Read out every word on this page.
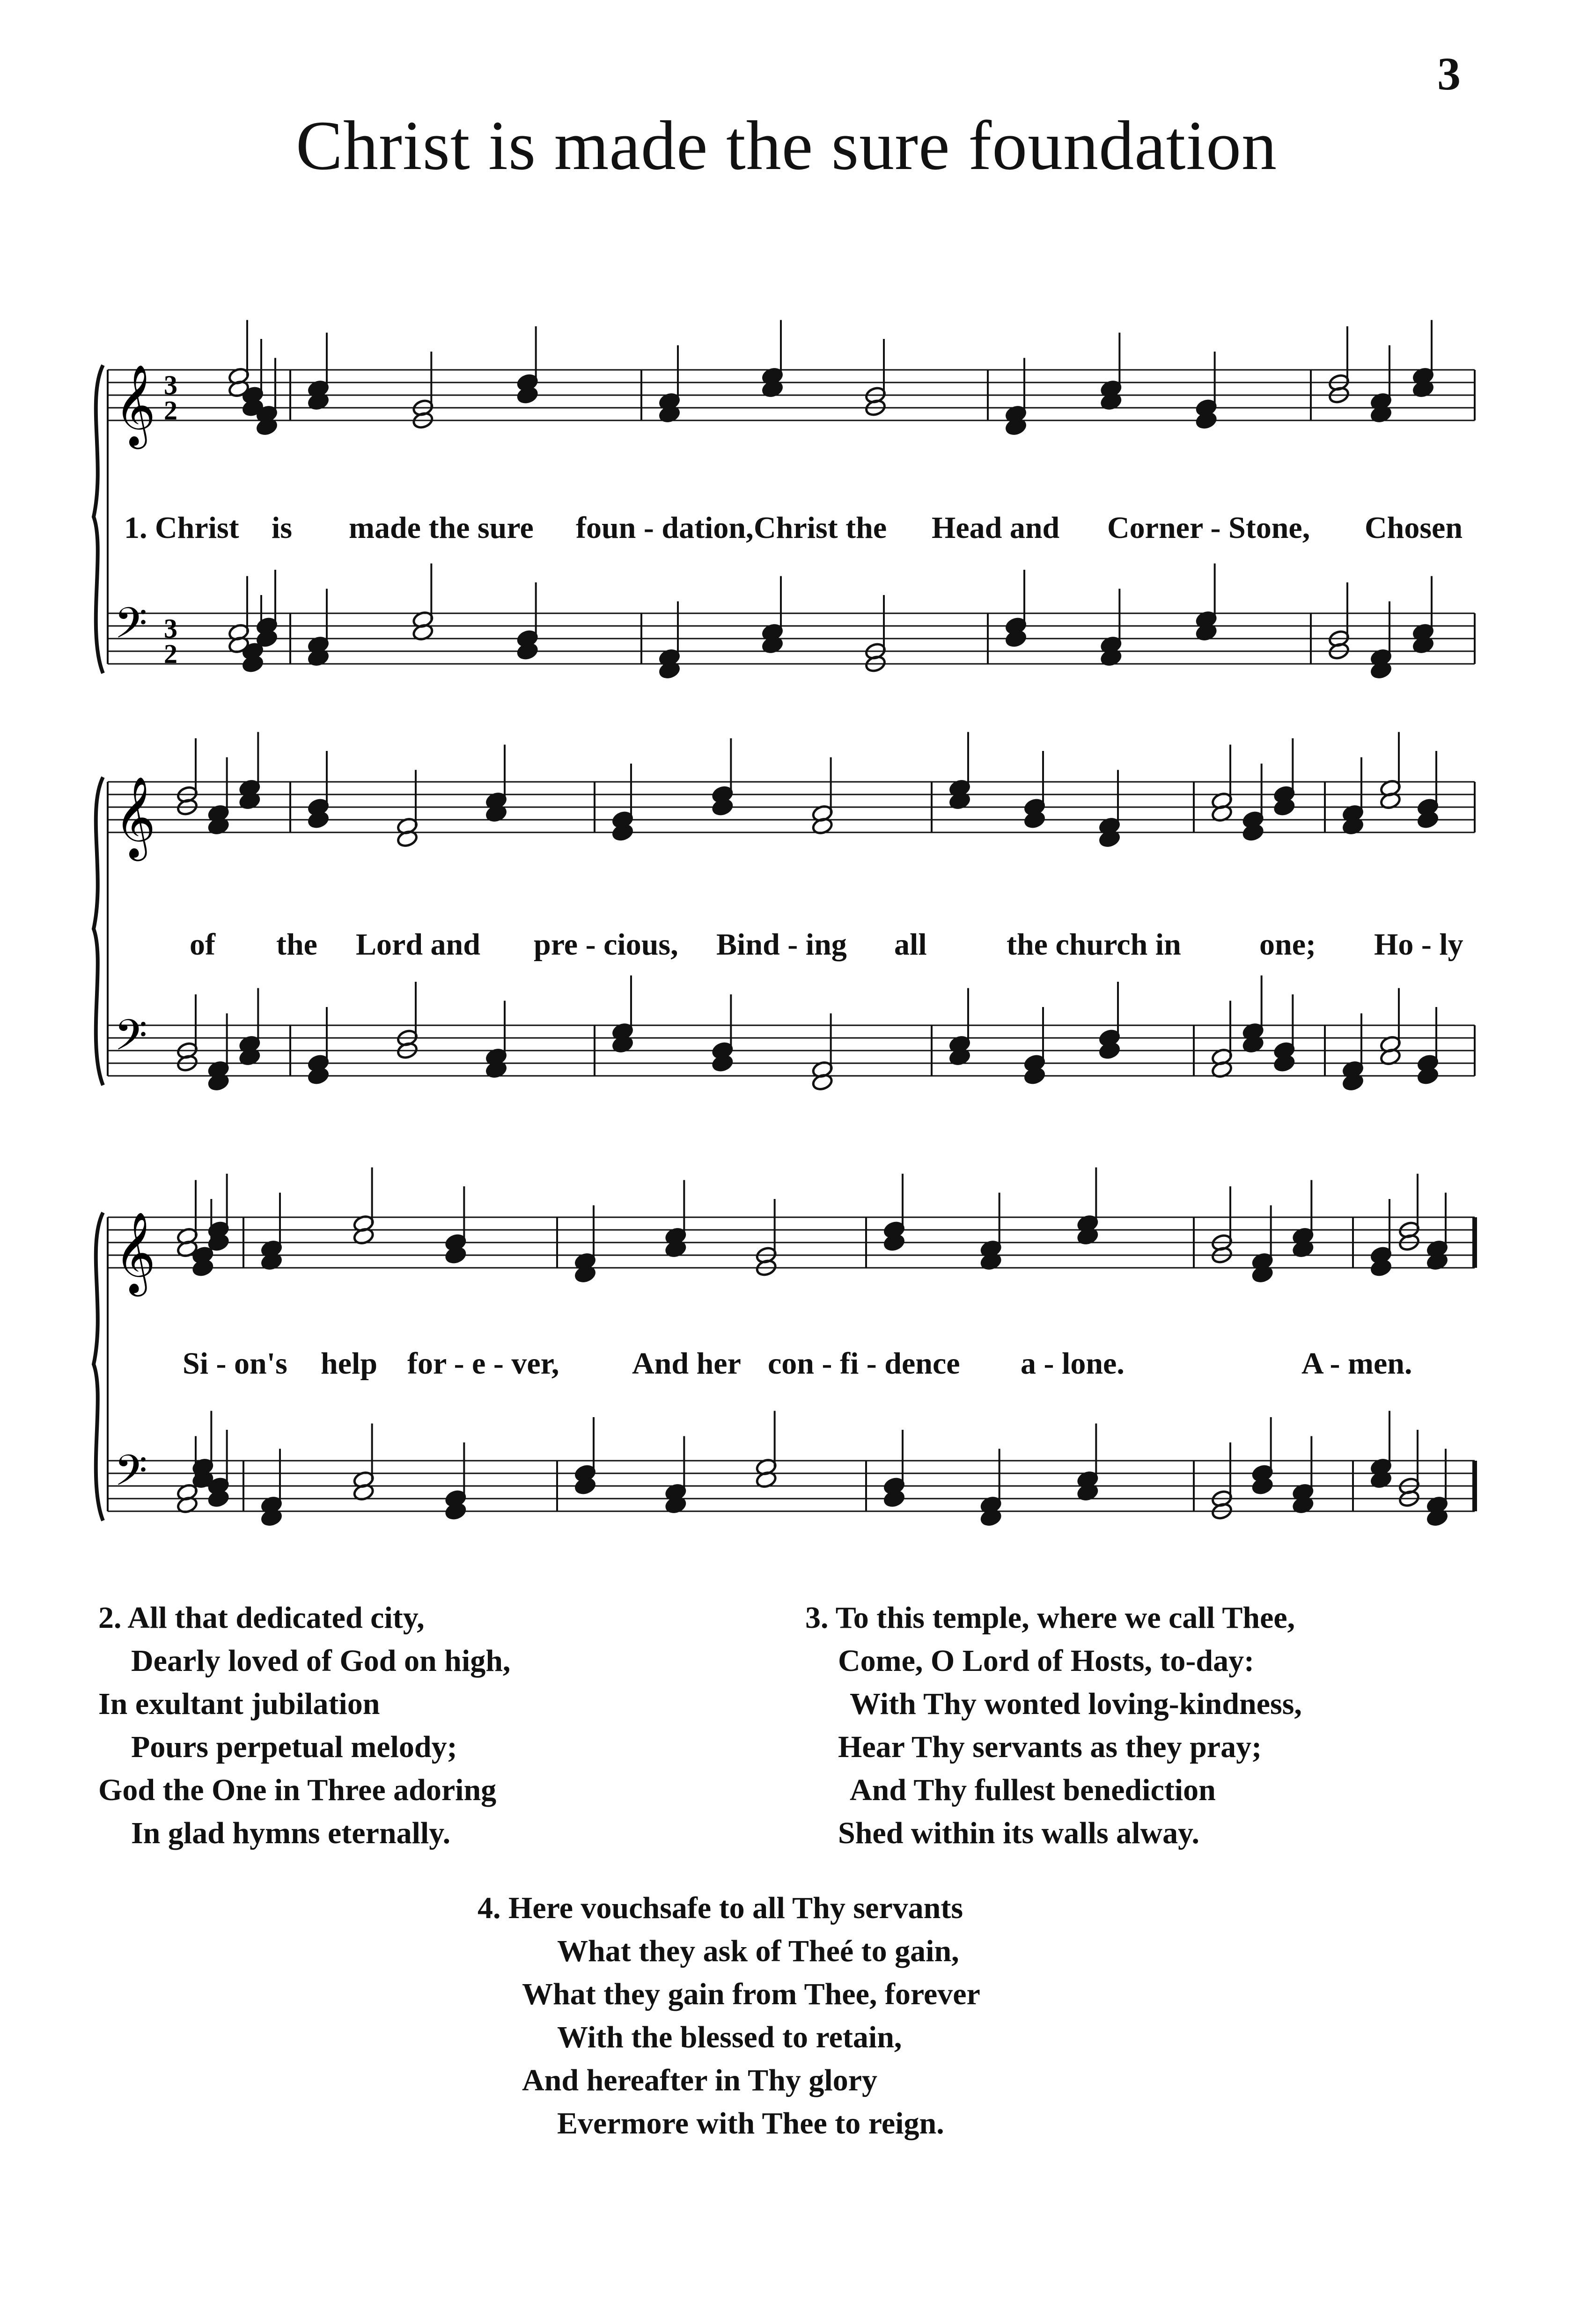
3
Christ is made the sure foundation
𝄞 3
2
𝄢 3
2
1. Christ is made the sure foun - dation, Christ the Head and Corner - Stone, Chosen
𝄞
𝄢
of the Lord and pre - cious, Bind - ing all	the church in	one; Ho - ly
𝄞
𝄢
Si - on's help for - e - ver, And her con - fi - dence a - lone.	A - men.
2. All that dedicated city,
Dearly loved of God on high,
In exultant jubilation
Pours perpetual melody;
God the One in Three adoring
In glad hymns eternally.
3. To this temple, where we call Thee,
Come, O Lord of Hosts, to-day:
With Thy wonted loving-kindness,
Hear Thy servants as they pray;
And Thy fullest benediction
Shed within its walls alway.
4. Here vouchsafe to all Thy servants
What they ask of Theé to gain,
What they gain from Thee, forever
With the blessed to retain,
And hereafter in Thy glory
Evermore with Thee to reign.
